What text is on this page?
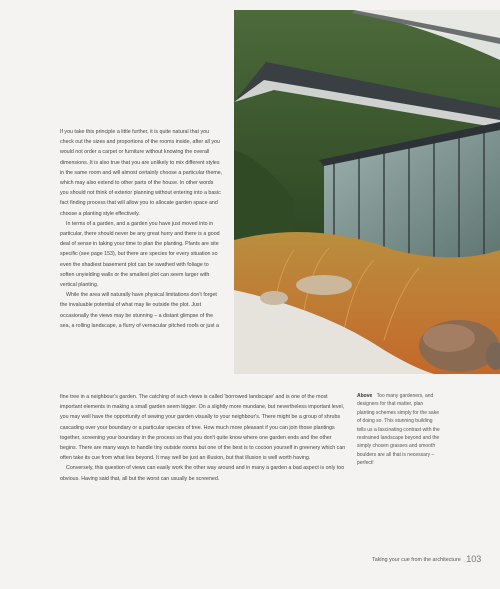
If you take this principle a little further, it is quite natural that you check out the sizes and proportions of the rooms inside, after all you would not order a carpet or furniture without knowing the overall dimensions. It is also true that you are unlikely to mix different styles in the same room and will almost certainly choose a particular theme, which may also extend to other parts of the house. In other words you should not think of exterior planning without entering into a basic fact finding process that will allow you to allocate garden space and choose a planting style effectively.

In terms of a garden, and a garden you have just moved into in particular, there should never be any great hurry and there is a good deal of sense in taking your time to plan the planting. Plants are site specific (see page 153), but there are species for every situation so even the shadiest basement plot can be swathed with foliage to soften unyielding walls or the smallest plot can seem larger with vertical planting.

While the area will naturally have physical limitations don't forget the invaluable potential of what may lie outside the plot. Just occasionally the views may be stunning – a distant glimpse of the sea, a rolling landscape, a flurry of vernacular pitched roofs or just a

fine tree in a neighbour's garden. The catching of such views is called 'borrowed landscape' and is one of the most important elements in making a small garden seem bigger. On a slightly more mundane, but nevertheless important level, you may well have the opportunity of sewing your garden visually to your neighbour's. There might be a group of shrubs cascading over your boundary or a particular species of tree. How much more pleasant if you can join those plantings together, screening your boundary in the process so that you don't quite know where one garden ends and the other begins. There are many ways to handle tiny outside rooms but one of the best is to cocoon yourself in greenery which can often take its cue from what lies beyond. It may well be just an illusion, but that illusion is well worth having.

Conversely, this question of views can easily work the other way around and in many a garden a bad aspect is only too obvious. Having said that, all but the worst can usually be screened.

Above Too many gardeners, and designers for that matter, plan planting schemes simply for the sake of doing so. This stunning building tells us a fascinating contrast with the restrained landscape beyond and the simply chosen grasses and smooth boulders are all that is necessary – perfect!
Taking your cue from the architecture 103
